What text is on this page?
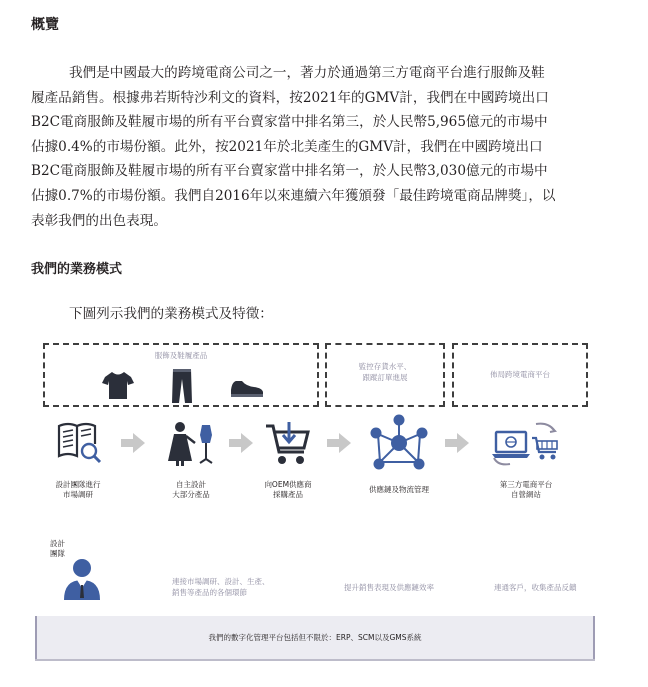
概覽
我們是中國最大的跨境電商公司之一，著力於通過第三方電商平台進行服飾及鞋
履產品銷售。根據弗若斯特沙利文的資料，按2021年的GMV計，我們在中國跨境出口
B2C電商服飾及鞋履市場的所有平台賣家當中排名第三，於人民幣5,965億元的市場中
佔據0.4%的市場份額。此外，按2021年於北美產生的GMV計，我們在中國跨境出口
B2C電商服飾及鞋履市場的所有平台賣家當中排名第一，於人民幣3,030億元的市場中
佔據0.7%的市場份額。我們自2016年以來連續六年獲頒發「最佳跨境電商品牌獎」，以
表彰我們的出色表現。
我們的業務模式
下圖列示我們的業務模式及特徵：
服飾及鞋履產品
監控存貨水平、
跟蹤訂單進展	佈局跨境電商平台
設計團隊進行
市場調研
自主設計
大部分產品
向OEM供應商
採購產品
供應鏈及物流管理
第三方電商平台
自營網站
設計
團隊
連接市場調研、設計、生產、
銷售等產品的各個環節
提升銷售表現及供應鏈效率	連通客戶，收集產品反饋
我們的數字化管理平台包括但不限於：ERP、SCM以及GMS系統
